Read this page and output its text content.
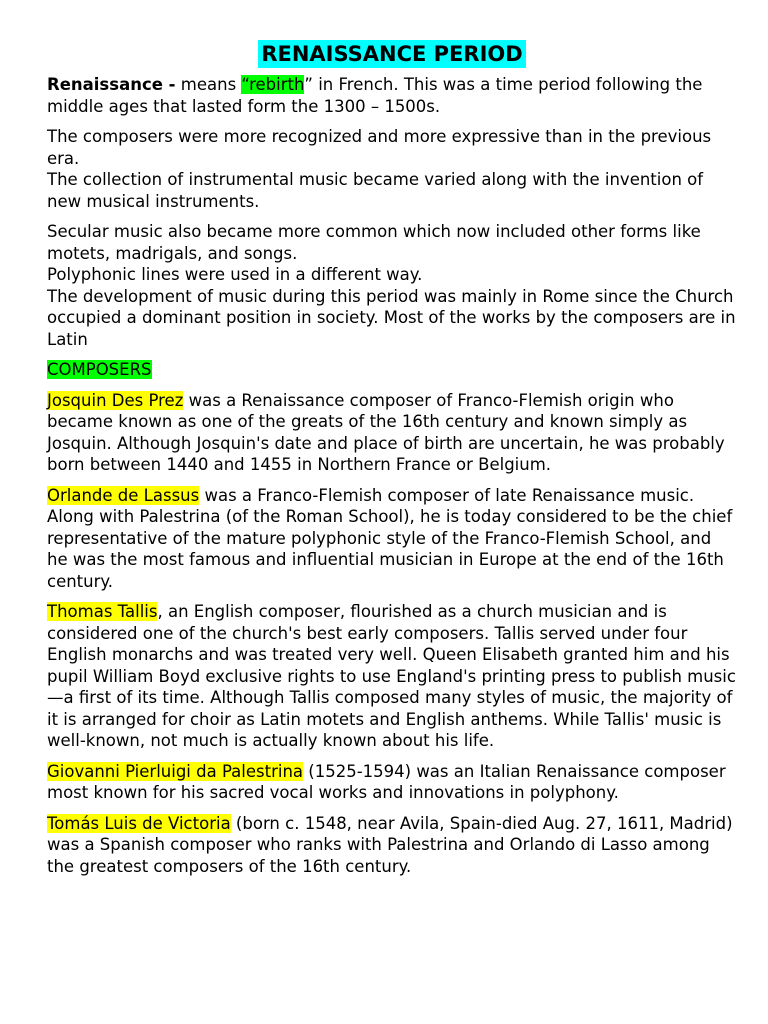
RENAISSANCE PERIOD

Renaissance - means “rebirth” in French. This was a time period following the middle ages that lasted form the 1300 – 1500s.

The composers were more recognized and more expressive than in the previous era.
The collection of instrumental music became varied along with the invention of new musical instruments.

Secular music also became more common which now included other forms like motets, madrigals, and songs.
Polyphonic lines were used in a different way.
The development of music during this period was mainly in Rome since the Church occupied a dominant position in society. Most of the works by the composers are in Latin

COMPOSERS

Josquin Des Prez was a Renaissance composer of Franco-Flemish origin who became known as one of the greats of the 16th century and known simply as Josquin. Although Josquin's date and place of birth are uncertain, he was probably born between 1440 and 1455 in Northern France or Belgium.

Orlande de Lassus was a Franco-Flemish composer of late Renaissance music. Along with Palestrina (of the Roman School), he is today considered to be the chief representative of the mature polyphonic style of the Franco-Flemish School, and he was the most famous and influential musician in Europe at the end of the 16th century.

Thomas Tallis, an English composer, flourished as a church musician and is considered one of the church's best early composers. Tallis served under four English monarchs and was treated very well. Queen Elisabeth granted him and his pupil William Boyd exclusive rights to use England's printing press to publish music—a first of its time. Although Tallis composed many styles of music, the majority of it is arranged for choir as Latin motets and English anthems. While Tallis' music is well-known, not much is actually known about his life.

Giovanni Pierluigi da Palestrina (1525-1594) was an Italian Renaissance composer most known for his sacred vocal works and innovations in polyphony.

Tomás Luis de Victoria (born c. 1548, near Avila, Spain-died Aug. 27, 1611, Madrid) was a Spanish composer who ranks with Palestrina and Orlando di Lasso among the greatest composers of the 16th century.
